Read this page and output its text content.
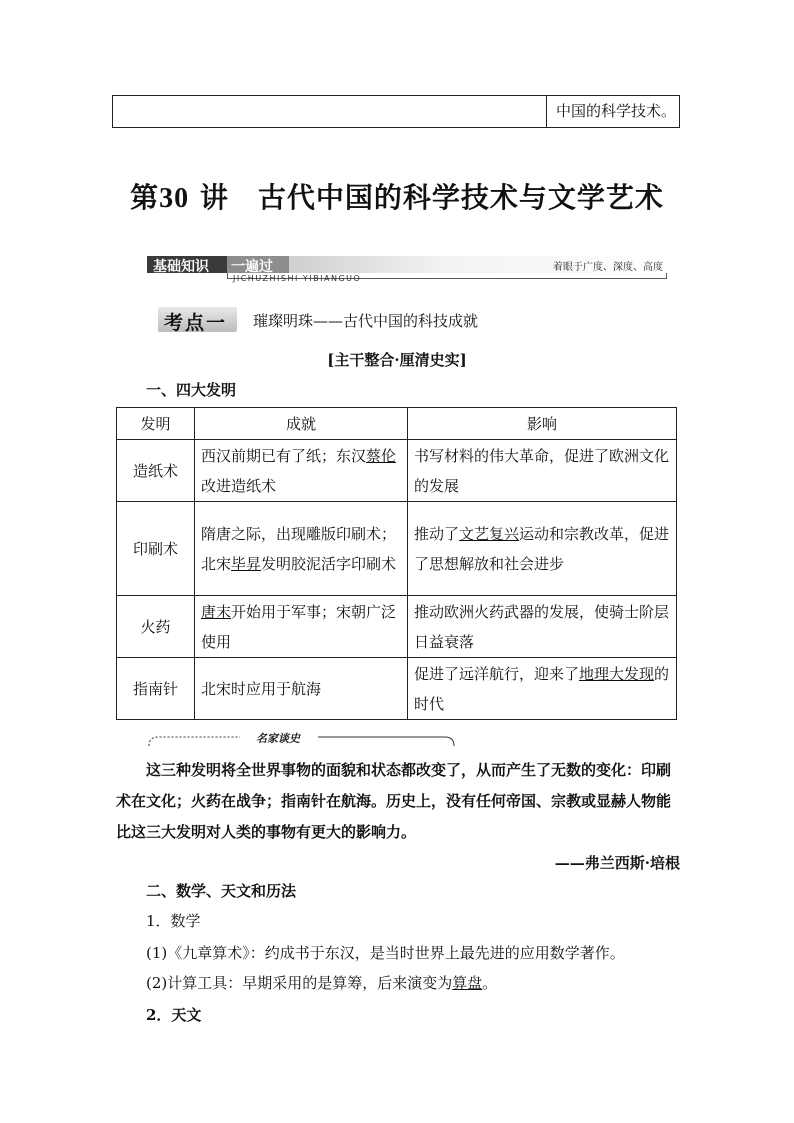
中国的科学技术。
第30 讲　古代中国的科学技术与文学艺术
基础知识 一遍过
JICHUZHISHI YIBIANGUO
着眼于广度、深度、高度
考点一 璀璨明珠——古代中国的科技成就
[主干整合·厘清史实]
一、四大发明
发明	成就	影响
造纸术	西汉前期已有了纸；东汉蔡伦改进造纸术	书写材料的伟大革命，促进了欧洲文化的发展
印刷术	隋唐之际，出现雕版印刷术；北宋毕昇发明胶泥活字印刷术	推动了文艺复兴运动和宗教改革，促进了思想解放和社会进步
火药	唐末开始用于军事；宋朝广泛使用	推动欧洲火药武器的发展，使骑士阶层日益衰落
指南针	北宋时应用于航海	促进了远洋航行，迎来了地理大发现的时代
名家谈史
这三种发明将全世界事物的面貌和状态都改变了，从而产生了无数的变化：印刷术在文化；火药在战争；指南针在航海。历史上，没有任何帝国、宗教或显赫人物能比这三大发明对人类的事物有更大的影响力。
——弗兰西斯·培根
二、数学、天文和历法
1．数学
(1)《九章算术》：约成书于东汉，是当时世界上最先进的应用数学著作。
(2)计算工具：早期采用的是算筹，后来演变为算盘。
2．天文
